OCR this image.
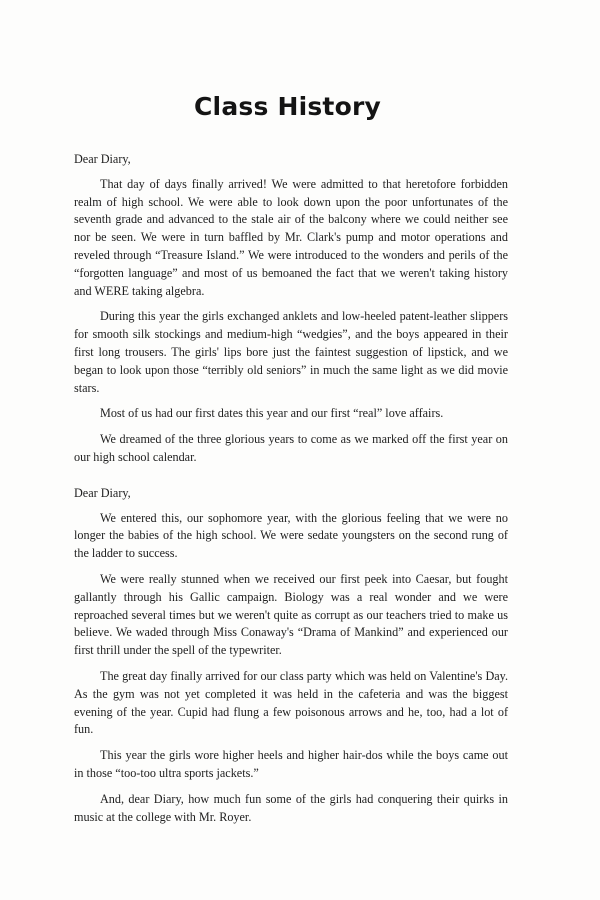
Class History

Dear Diary,

That day of days finally arrived! We were admitted to that heretofore forbidden realm of high school. We were able to look down upon the poor unfortunates of the seventh grade and advanced to the stale air of the balcony where we could neither see nor be seen. We were in turn baffled by Mr. Clark's pump and motor operations and reveled through “Treasure Island.” We were introduced to the wonders and perils of the “forgotten language” and most of us bemoaned the fact that we weren't taking history and WERE taking algebra.

During this year the girls exchanged anklets and low-heeled patent-leather slippers for smooth silk stockings and medium-high “wedgies”, and the boys appeared in their first long trousers. The girls' lips bore just the faintest suggestion of lipstick, and we began to look upon those “terribly old seniors” in much the same light as we did movie stars.

Most of us had our first dates this year and our first “real” love affairs.

We dreamed of the three glorious years to come as we marked off the first year on our high school calendar.

Dear Diary,

We entered this, our sophomore year, with the glorious feeling that we were no longer the babies of the high school. We were sedate youngsters on the second rung of the ladder to success.

We were really stunned when we received our first peek into Caesar, but fought gallantly through his Gallic campaign. Biology was a real wonder and we were reproached several times but we weren't quite as corrupt as our teachers tried to make us believe. We waded through Miss Conaway's “Drama of Mankind” and experienced our first thrill under the spell of the typewriter.

The great day finally arrived for our class party which was held on Valentine's Day. As the gym was not yet completed it was held in the cafeteria and was the biggest evening of the year. Cupid had flung a few poisonous arrows and he, too, had a lot of fun.

This year the girls wore higher heels and higher hair-dos while the boys came out in those “too-too ultra sports jackets.”

And, dear Diary, how much fun some of the girls had conquering their quirks in music at the college with Mr. Royer.
